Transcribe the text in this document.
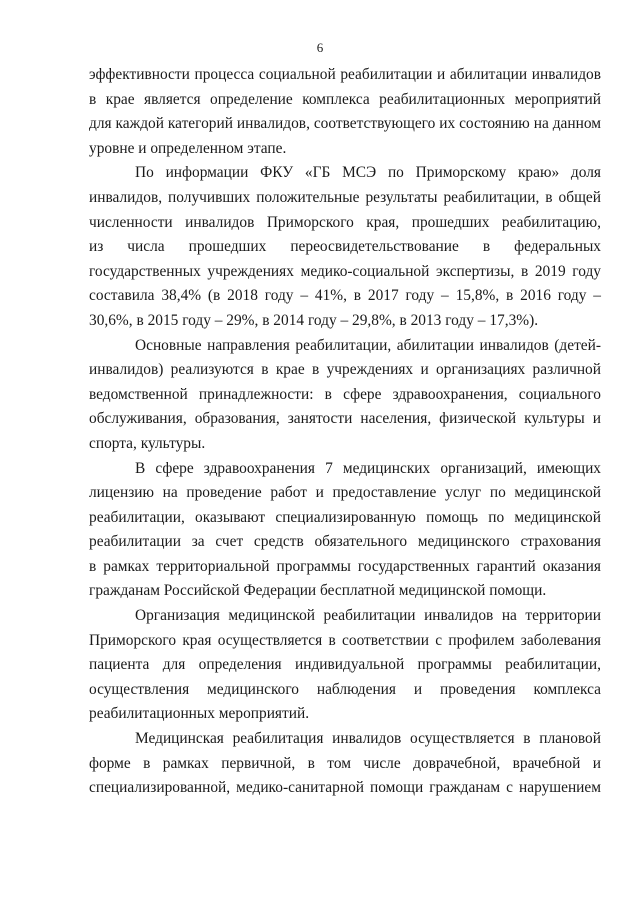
6
эффективности процесса социальной реабилитации и абилитации инвалидов
в крае является определение комплекса реабилитационных мероприятий
для каждой категорий инвалидов, соответствующего их состоянию на данном
уровне и определенном этапе.
По информации ФКУ «ГБ МСЭ по Приморскому краю» доля
инвалидов, получивших положительные результаты реабилитации, в общей
численности инвалидов Приморского края, прошедших реабилитацию,
из числа прошедших переосвидетельствование в федеральных
государственных учреждениях медико-социальной экспертизы, в 2019 году
составила 38,4% (в 2018 году – 41%, в 2017 году – 15,8%, в 2016 году –
30,6%, в 2015 году – 29%, в 2014 году – 29,8%, в 2013 году – 17,3%).
Основные направления реабилитации, абилитации инвалидов (детей-
инвалидов) реализуются в крае в учреждениях и организациях различной
ведомственной принадлежности: в сфере здравоохранения, социального
обслуживания, образования, занятости населения, физической культуры и
спорта, культуры.
В сфере здравоохранения 7 медицинских организаций, имеющих
лицензию на проведение работ и предоставление услуг по медицинской
реабилитации, оказывают специализированную помощь по медицинской
реабилитации за счет средств обязательного медицинского страхования
в рамках территориальной программы государственных гарантий оказания
гражданам Российской Федерации бесплатной медицинской помощи.
Организация медицинской реабилитации инвалидов на территории
Приморского края осуществляется в соответствии с профилем заболевания
пациента для определения индивидуальной программы реабилитации,
осуществления медицинского наблюдения и проведения комплекса
реабилитационных мероприятий.
Медицинская реабилитация инвалидов осуществляется в плановой
форме в рамках первичной, в том числе доврачебной, врачебной и
специализированной, медико-санитарной помощи гражданам с нарушением
